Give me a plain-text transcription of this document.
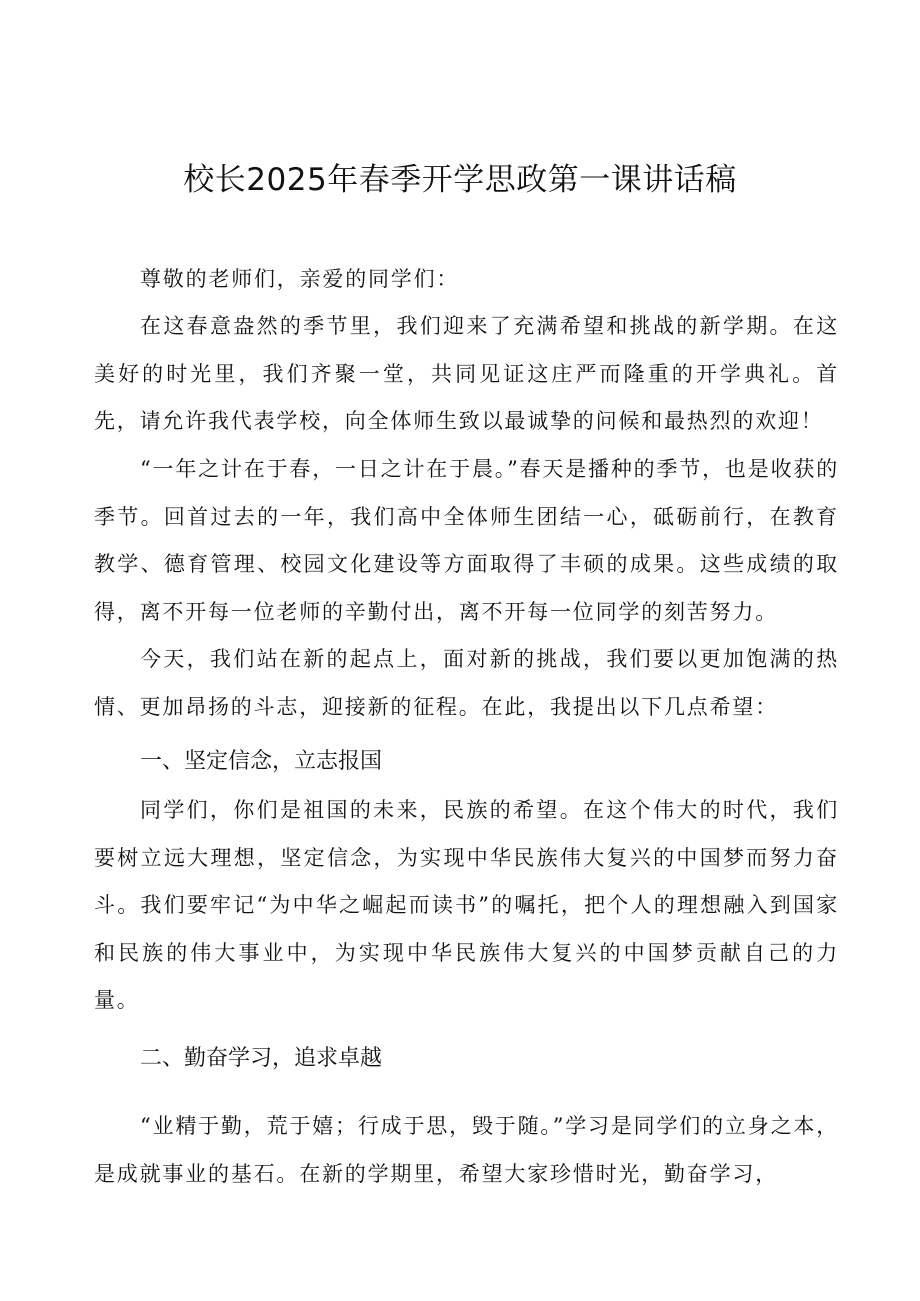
校长2025年春季开学思政第一课讲话稿

尊敬的老师们，亲爱的同学们：

在这春意盎然的季节里，我们迎来了充满希望和挑战的新学期。在这美好的时光里，我们齐聚一堂，共同见证这庄严而隆重的开学典礼。首先，请允许我代表学校，向全体师生致以最诚挚的问候和最热烈的欢迎！

“一年之计在于春，一日之计在于晨。”春天是播种的季节，也是收获的季节。回首过去的一年，我们高中全体师生团结一心，砥砺前行，在教育教学、德育管理、校园文化建设等方面取得了丰硕的成果。这些成绩的取得，离不开每一位老师的辛勤付出，离不开每一位同学的刻苦努力。

今天，我们站在新的起点上，面对新的挑战，我们要以更加饱满的热情、更加昂扬的斗志，迎接新的征程。在此，我提出以下几点希望：

一、坚定信念，立志报国

同学们，你们是祖国的未来，民族的希望。在这个伟大的时代，我们要树立远大理想，坚定信念，为实现中华民族伟大复兴的中国梦而努力奋斗。我们要牢记“为中华之崛起而读书”的嘱托，把个人的理想融入到国家和民族的伟大事业中，为实现中华民族伟大复兴的中国梦贡献自己的力量。

二、勤奋学习，追求卓越

“业精于勤，荒于嬉；行成于思，毁于随。”学习是同学们的立身之本，是成就事业的基石。在新的学期里，希望大家珍惜时光，勤奋学习，
